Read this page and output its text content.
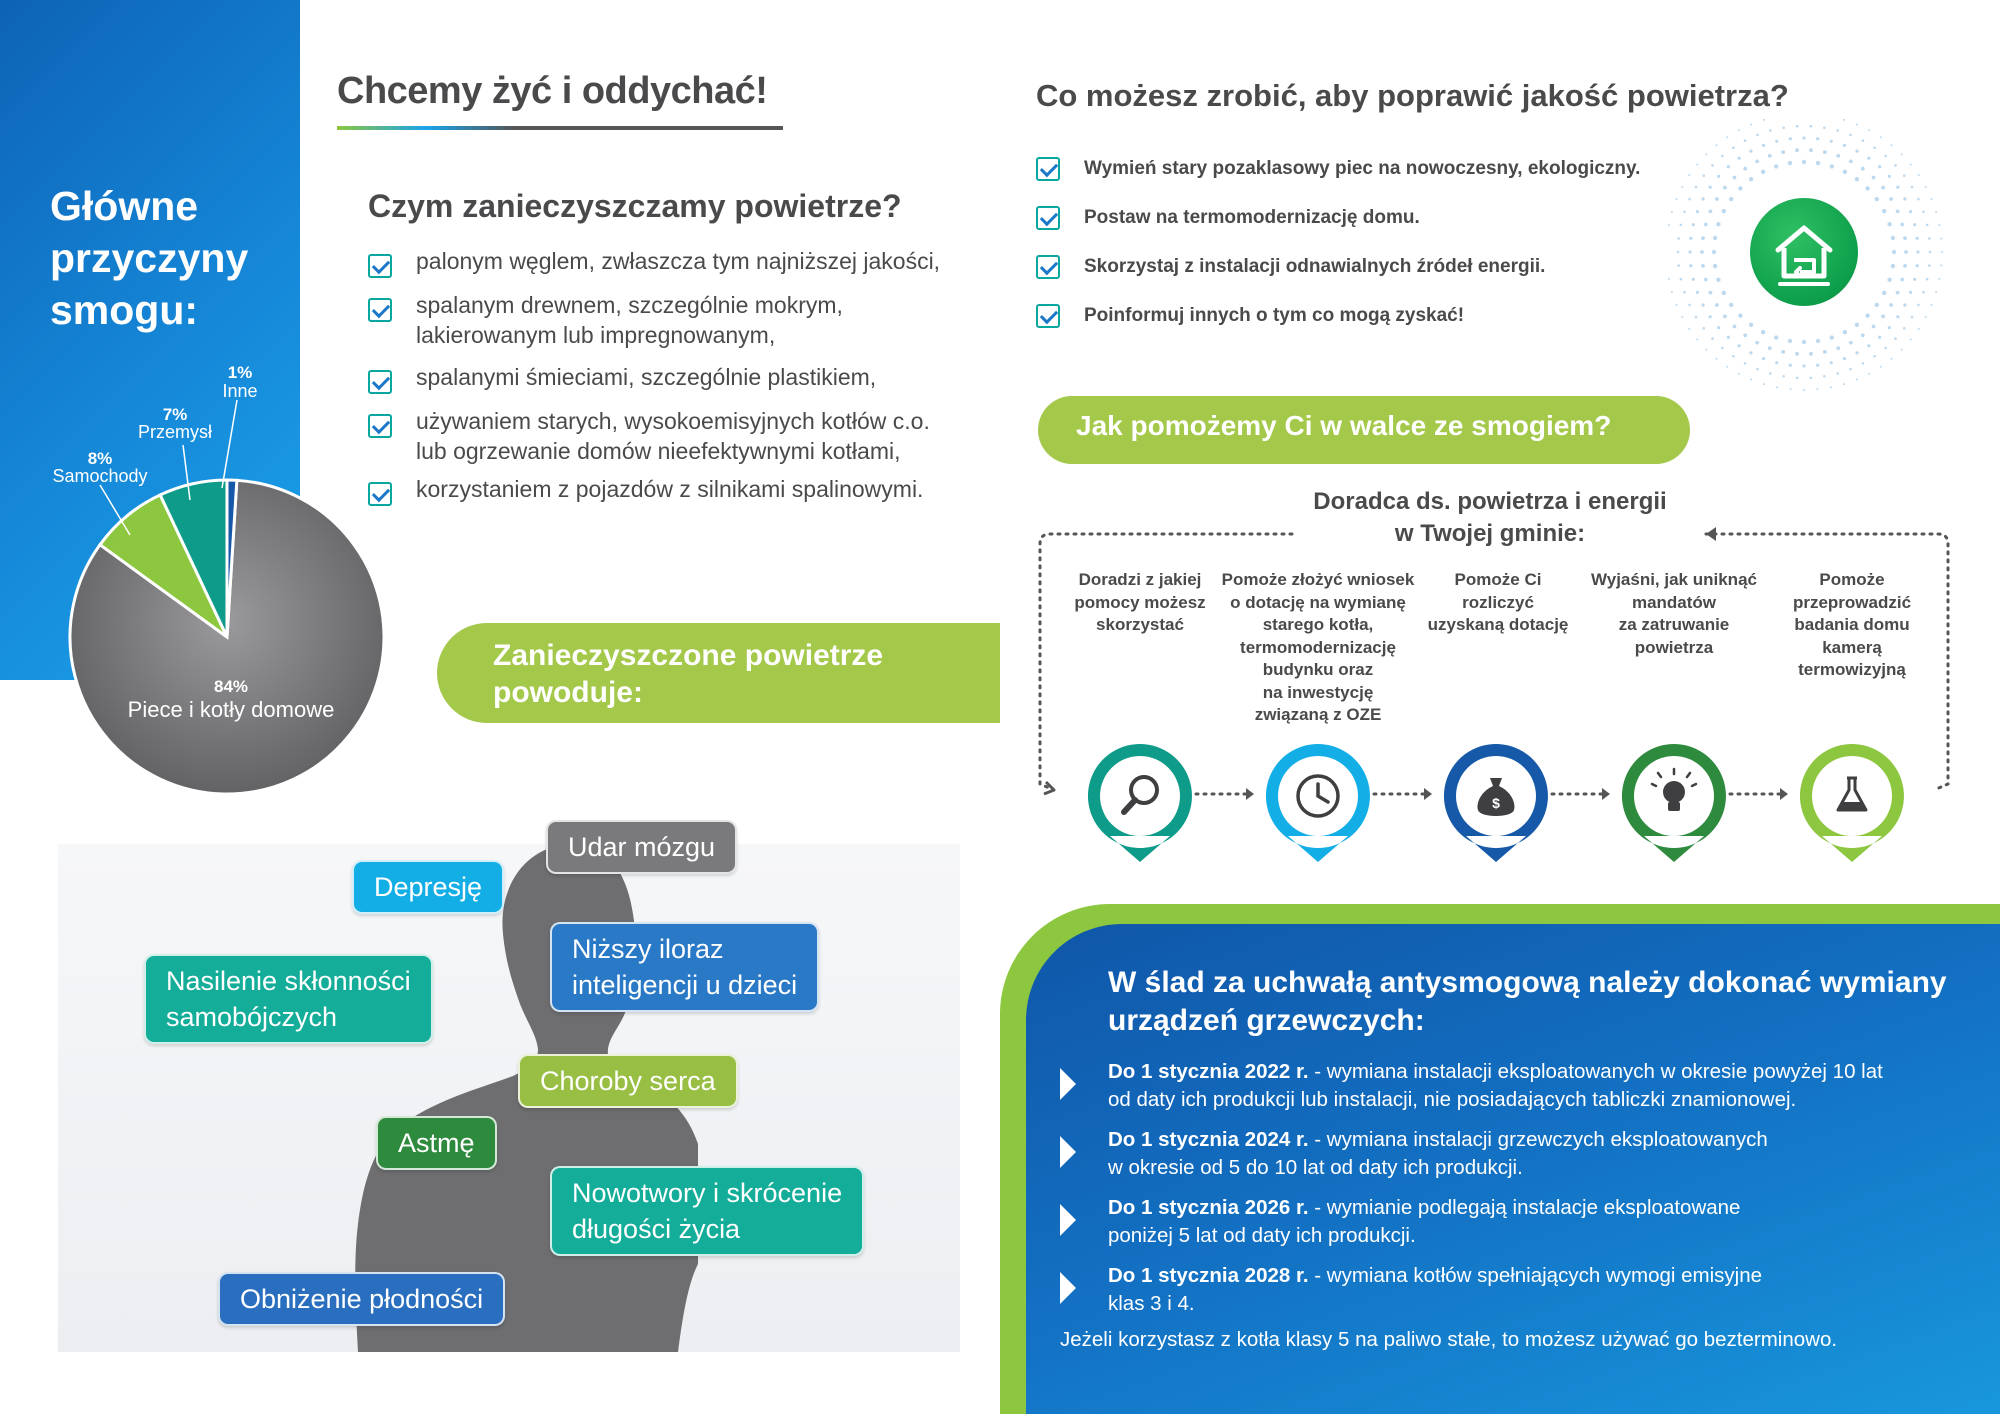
Główne
przyczyny
smogu:
1%
Inne
7%
Przemysł
8%
Samochody
84%
Piece i kotły domowe
Chcemy żyć i oddychać!
Czym zanieczyszczamy powietrze?
palonym węglem, zwłaszcza tym najniższej jakości,
spalanym drewnem, szczególnie mokrym,
lakierowanym lub impregnowanym,
spalanymi śmieciami, szczególnie plastikiem,
używaniem starych, wysokoemisyjnych kotłów c.o.
lub ogrzewanie domów nieefektywnymi kotłami,
korzystaniem z pojazdów z silnikami spalinowymi.
Zanieczyszczone powietrze
powoduje:
Udar mózgu
Depresję
Niższy iloraz
inteligencji u dzieci
Nasilenie skłonności
samobójczych
Choroby serca
Astmę
Nowotwory i skrócenie
długości życia
Obniżenie płodności
Co możesz zrobić, aby poprawić jakość powietrza?
Wymień stary pozaklasowy piec na nowoczesny, ekologiczny.
Postaw na termomodernizację domu.
Skorzystaj z instalacji odnawialnych źródeł energii.
Poinformuj innych o tym co mogą zyskać!
Jak pomożemy Ci w walce ze smogiem?
Doradca ds. powietrza i energii
w Twojej gminie:
$
Doradzi z jakiej
pomocy możesz
skorzystać
Pomoże złożyć wniosek
o dotację na wymianę
starego kotła,
termomodernizację
budynku oraz
na inwestycję
związaną z OZE
Pomoże Ci
rozliczyć
uzyskaną dotację
Wyjaśni, jak uniknąć
mandatów
za zatruwanie
powietrza
Pomoże
przeprowadzić
badania domu
kamerą
termowizyjną
W ślad za uchwałą antysmogową należy dokonać wymiany
urządzeń grzewczych:
Do 1 stycznia 2022 r. - wymiana instalacji eksploatowanych w okresie powyżej 10 lat
od daty ich produkcji lub instalacji, nie posiadających tabliczki znamionowej.
Do 1 stycznia 2024 r. - wymiana instalacji grzewczych eksploatowanych
w okresie od 5 do 10 lat od daty ich produkcji.
Do 1 stycznia 2026 r. - wymianie podlegają instalacje eksploatowane
poniżej 5 lat od daty ich produkcji.
Do 1 stycznia 2028 r. - wymiana kotłów spełniających wymogi emisyjne
klas 3 i 4.
Jeżeli korzystasz z kotła klasy 5 na paliwo stałe, to możesz używać go bezterminowo.
